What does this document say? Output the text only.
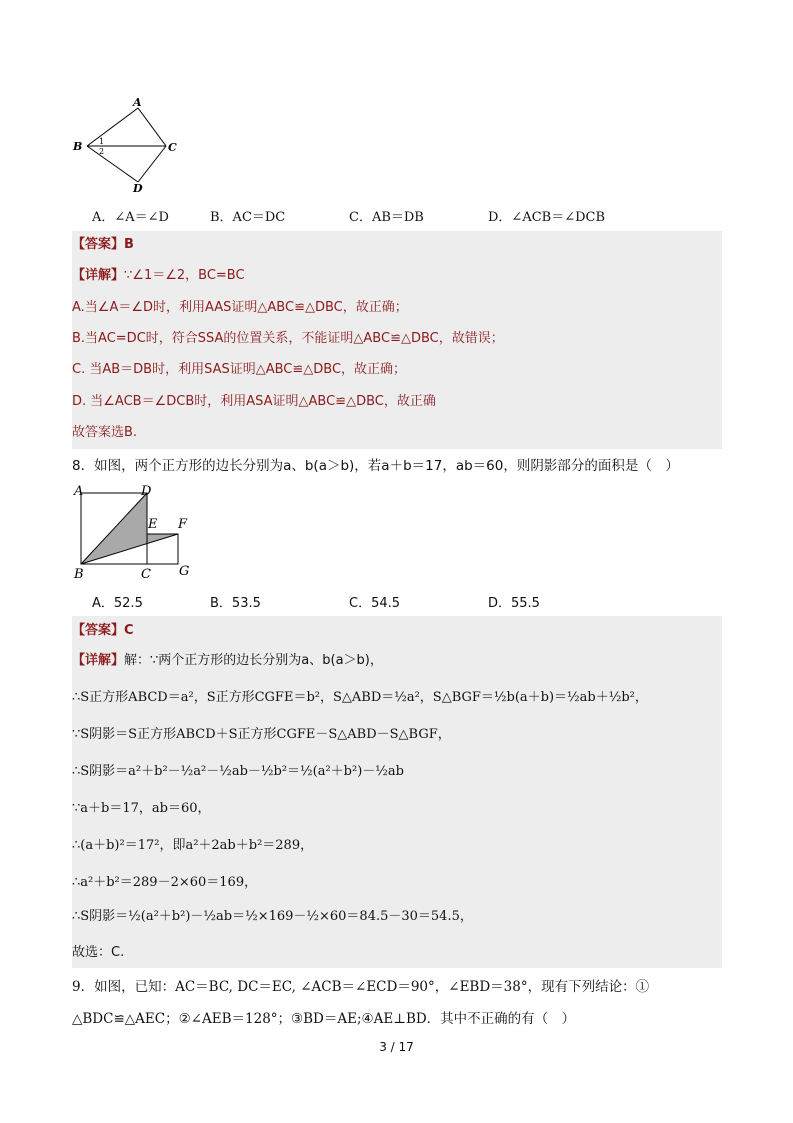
A
B	C
D
1
2
A．∠A＝∠D	B．AC＝DC	C．AB＝DB	D．∠ACB＝∠DCB
【答案】B
【详解】∵∠1＝∠2，BC=BC
A.当∠A＝∠D时，利用AAS证明△ABC≌△DBC，故正确；
B.当AC=DC时，符合SSA的位置关系，不能证明△ABC≌△DBC，故错误；
C. 当AB＝DB时，利用SAS证明△ABC≌△DBC，故正确；
D. 当∠ACB＝∠DCB时，利用ASA证明△ABC≌△DBC，故正确
故答案选B.
8．如图，两个正方形的边长分别为a、b(a＞b)，若a＋b＝17，ab＝60，则阴影部分的面积是（　）
A	D
E F
B	C G
A．52.5	B．53.5	C．54.5	D．55.5
【答案】C
【详解】解：∵两个正方形的边长分别为a、b(a＞b)，
∴S正方形ABCD＝a²，S正方形CGFE＝b²，S△ABD＝½a²，S△BGF＝½b(a＋b)＝½ab＋½b²，
∵S阴影＝S正方形ABCD＋S正方形CGFE－S△ABD－S△BGF，
∴S阴影＝a²＋b²－½a²－½ab－½b²＝½(a²＋b²)－½ab
∵a＋b＝17，ab＝60，
∴(a＋b)²＝17²，即a²＋2ab＋b²＝289，
∴a²＋b²＝289－2×60＝169，
∴S阴影＝½(a²＋b²)－½ab＝½×169－½×60＝84.5－30＝54.5，
故选：C.
9．如图，已知：AC＝BC, DC＝EC, ∠ACB＝∠ECD＝90°，∠EBD＝38°，现有下列结论：①
△BDC≌△AEC；②∠AEB＝128°；③BD＝AE;④AE⊥BD．其中不正确的有（　）
3 / 17
